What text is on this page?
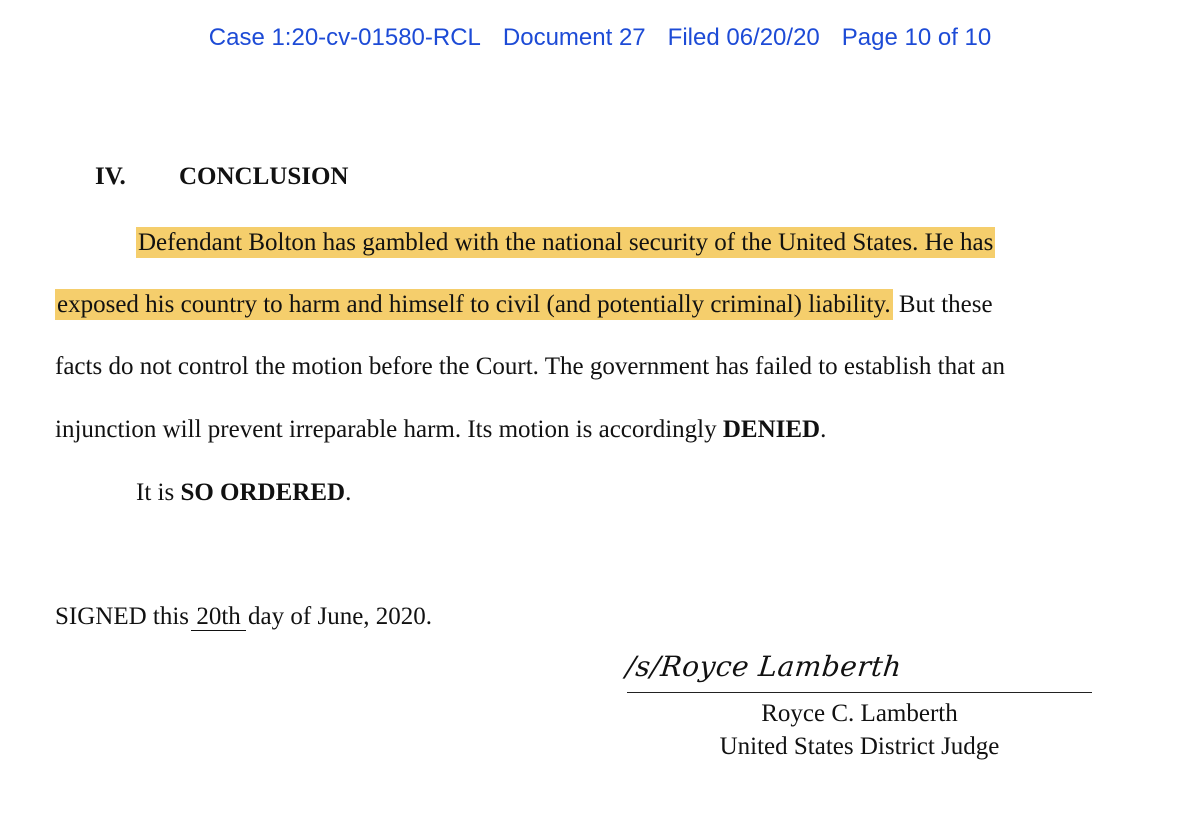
Case 1:20-cv-01580-RCL Document 27 Filed 06/20/20 Page 10 of 10
IV. CONCLUSION
Defendant Bolton has gambled with the national security of the United States. He has
exposed his country to harm and himself to civil (and potentially criminal) liability. But these
facts do not control the motion before the Court. The government has failed to establish that an
injunction will prevent irreparable harm. Its motion is accordingly DENIED.
It is SO ORDERED.
SIGNED this 20th day of June, 2020.
/s/Royce Lamberth
Royce C. Lamberth
United States District Judge
